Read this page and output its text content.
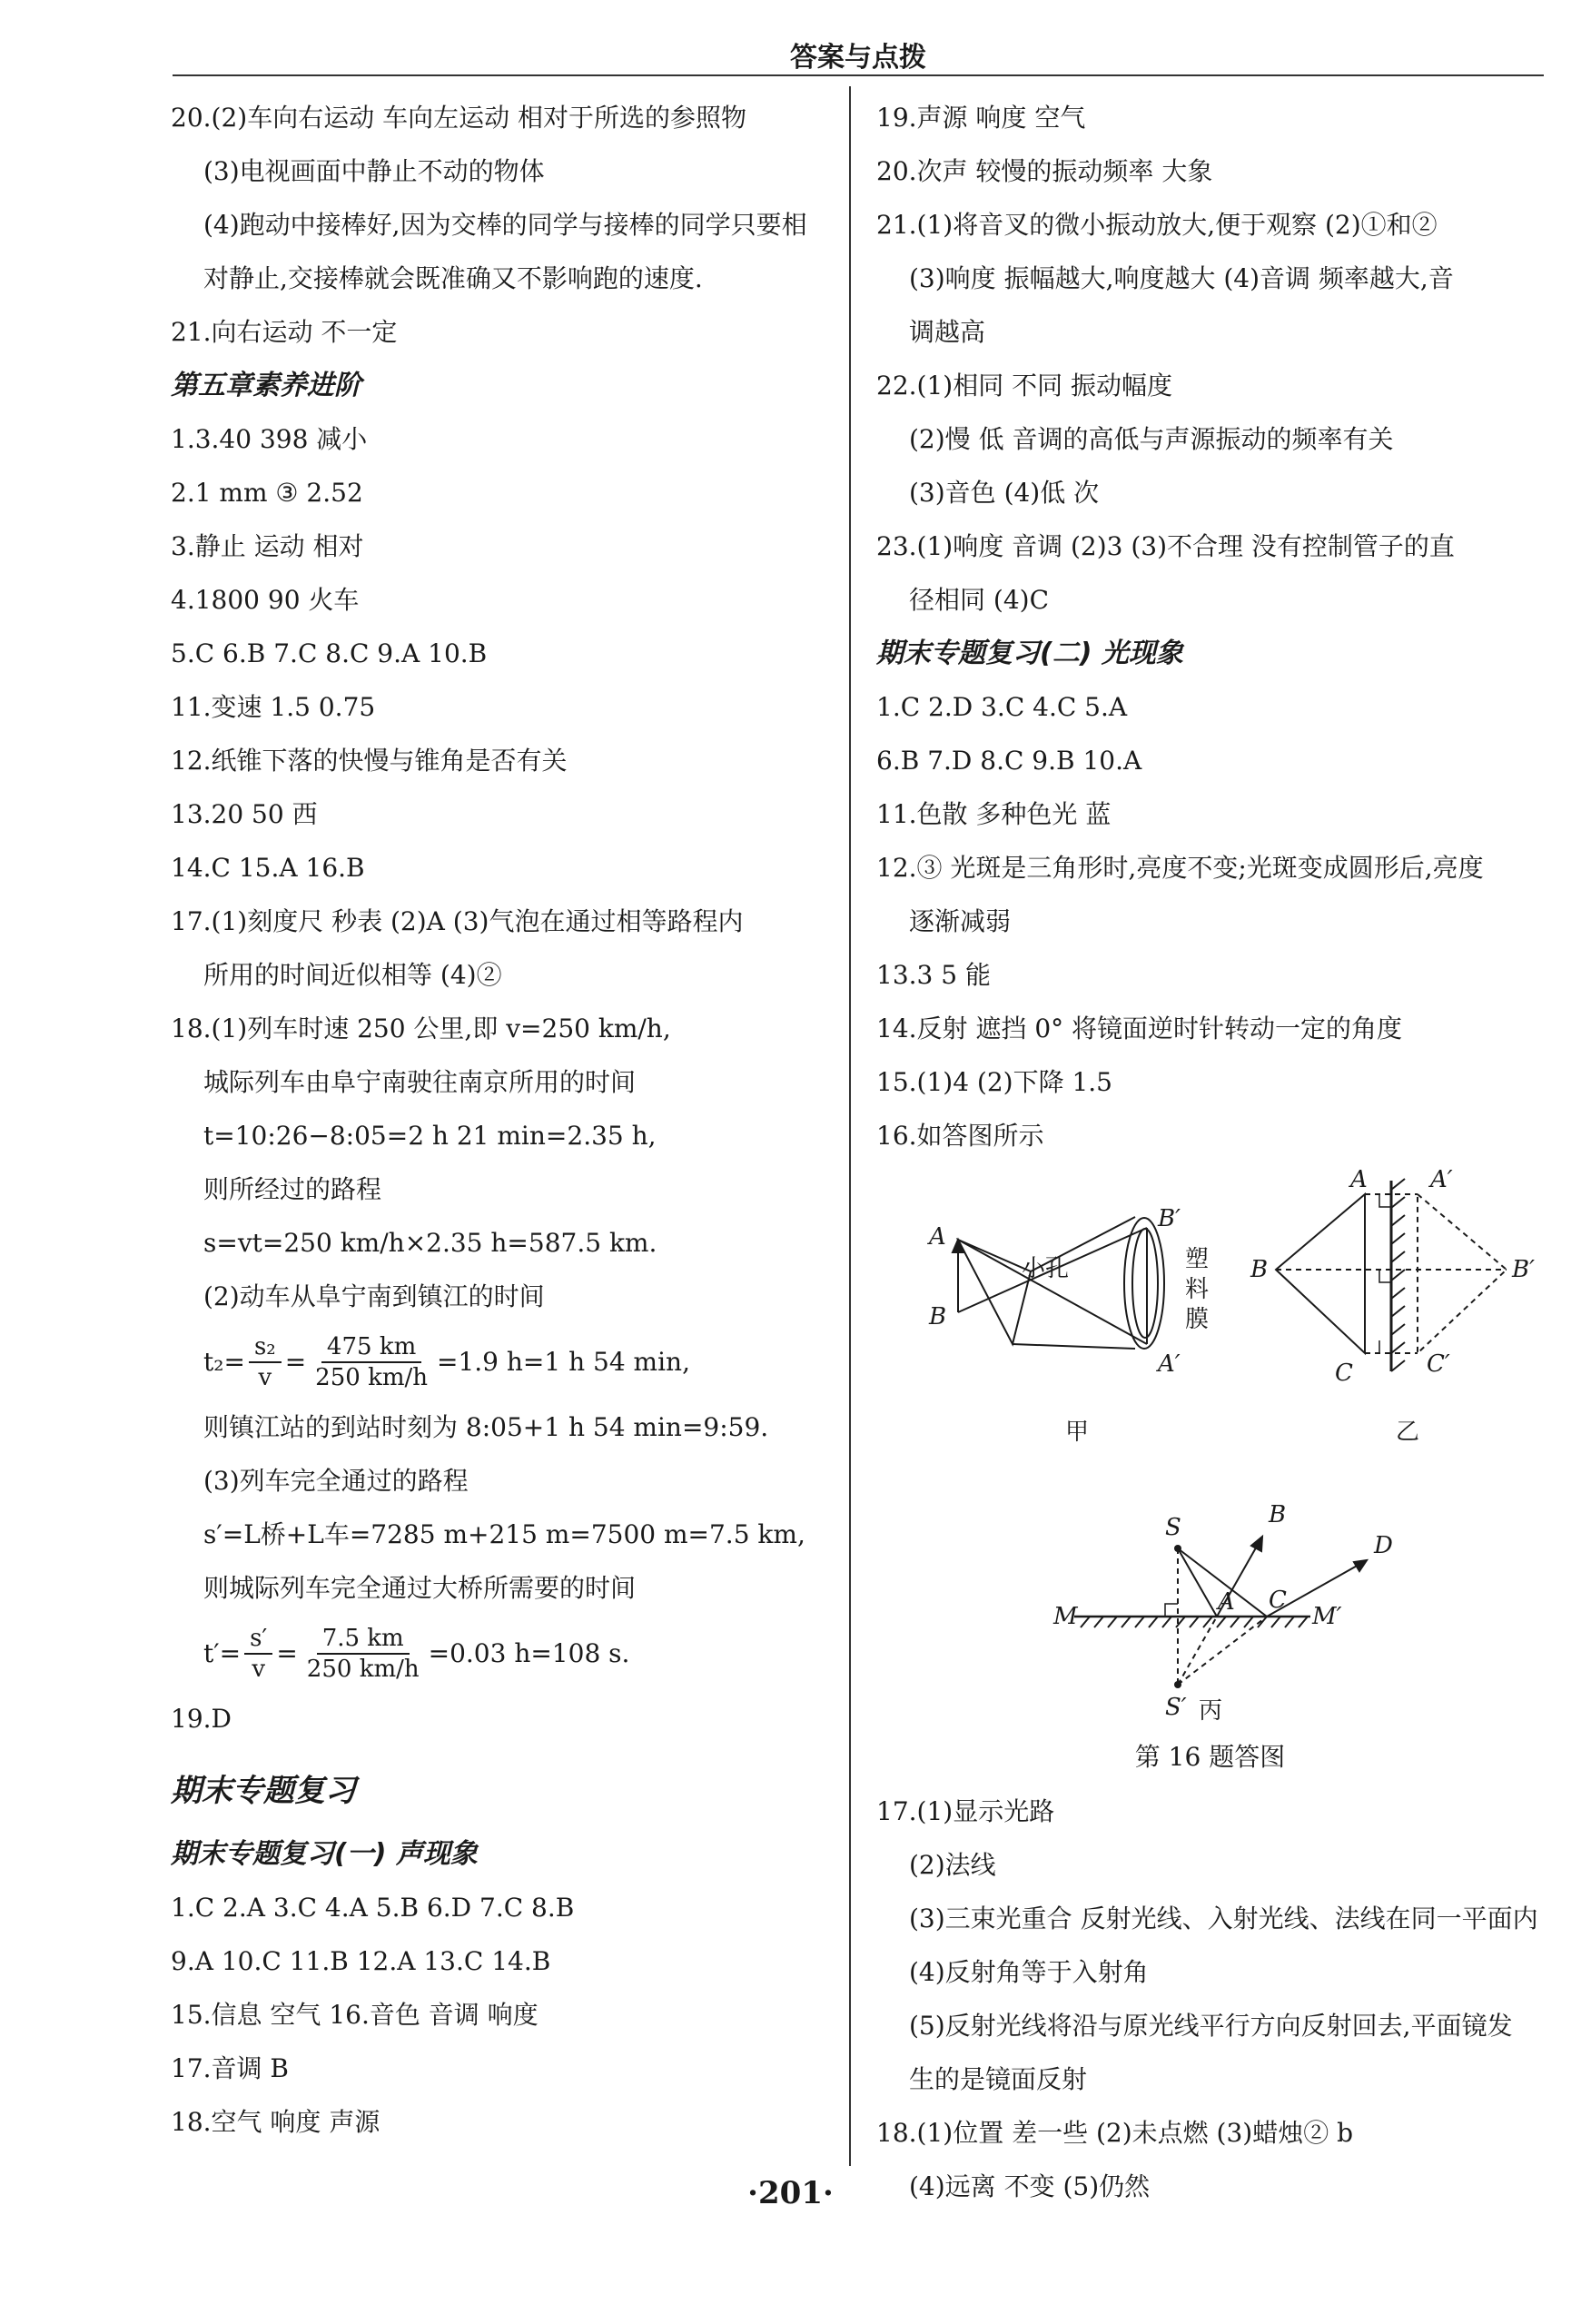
答案与点拨
20.(2)车向右运动 车向左运动 相对于所选的参照物
(3)电视画面中静止不动的物体
(4)跑动中接棒好,因为交棒的同学与接棒的同学只要相
对静止,交接棒就会既准确又不影响跑的速度.
21.向右运动 不一定
第五章素养进阶
1.3.40 398 减小
2.1 mm ③ 2.52
3.静止 运动 相对
4.1800 90 火车
5.C 6.B 7.C 8.C 9.A 10.B
11.变速 1.5 0.75
12.纸锥下落的快慢与锥角是否有关
13.20 50 西
14.C 15.A 16.B
17.(1)刻度尺 秒表 (2)A (3)气泡在通过相等路程内
所用的时间近似相等 (4)②
18.(1)列车时速 250 公里,即 v=250 km/h,
城际列车由阜宁南驶往南京所用的时间
t=10:26−8:05=2 h 21 min=2.35 h,
则所经过的路程
s=vt=250 km/h×2.35 h=587.5 km.
(2)动车从阜宁南到镇江的时间
$t_2= \frac{\text{s₂}}{v} = \frac{475 km}{250 km/h} =1.9$ h=1 h 54 min,
则镇江站的到站时刻为 8:05+1 h 54 min=9:59.
(3)列车完全通过的路程
s′=L桥+L车=7285 m+215 m=7500 m=7.5 km,
则城际列车完全通过大桥所需要的时间
$t'= \frac{s'}{v} = \frac{7.5 km}{250 km/h} =0.03$ h=108 s.
19.D
期末专题复习
期末专题复习(一) 声现象
1.C 2.A 3.C 4.A 5.B 6.D 7.C 8.B
9.A 10.C 11.B 12.A 13.C 14.B
15.信息 空气 16.音色 音调 响度
17.音调 B
18.空气 响度 声源
19.声源 响度 空气
20.次声 较慢的振动频率 大象
21.(1)将音叉的微小振动放大,便于观察 (2)①和②
(3)响度 振幅越大,响度越大 (4)音调 频率越大,音
调越高
22.(1)相同 不同 振动幅度
(2)慢 低 音调的高低与声源振动的频率有关
(3)音色 (4)低 次
23.(1)响度 音调 (2)3 (3)不合理 没有控制管子的直
径相同 (4)C
期末专题复习(二) 光现象
1.C 2.D 3.C 4.C 5.A
6.B 7.D 8.C 9.B 10.A
11.色散 多种色光 蓝
12.③ 光斑是三角形时,亮度不变;光斑变成圆形后,亮度
逐渐减弱
13.3 5 能
14.反射 遮挡 0° 将镜面逆时针转动一定的角度
15.(1)4 (2)下降 1.5
16.如答图所示
A
B
小孔
B′
A′
塑
料
膜
甲
A	A′
B	B′
C	C′
乙
S
S′
M	M′
A
B
C
D
丙
第 16 题答图
17.(1)显示光路
(2)法线
(3)三束光重合 反射光线、入射光线、法线在同一平面内
(4)反射角等于入射角
(5)反射光线将沿与原光线平行方向反射回去,平面镜发
生的是镜面反射
18.(1)位置 差一些 (2)未点燃 (3)蜡烛② b
(4)远离 不变 (5)仍然
·201·
